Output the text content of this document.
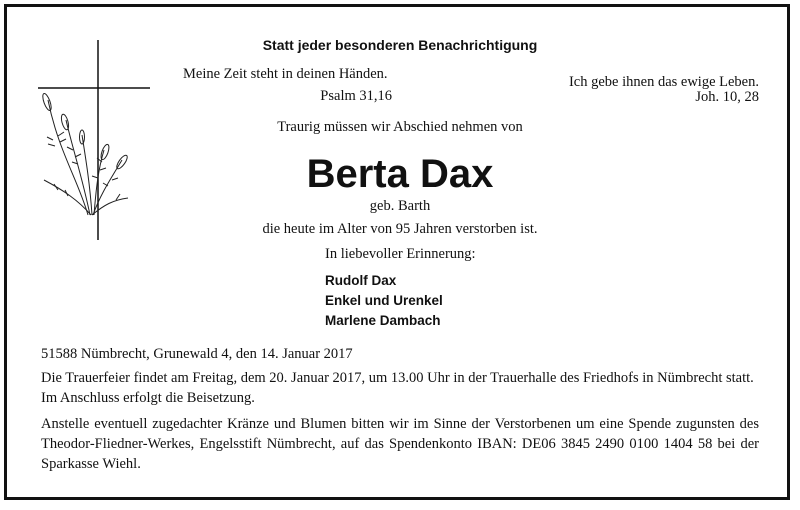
Statt jeder besonderen Benachrichtigung
Meine Zeit steht in deinen Händen.
Psalm 31,16
Ich gebe ihnen das ewige Leben.
Joh. 10, 28
Traurig müssen wir Abschied nehmen von
Berta Dax
geb. Barth
die heute im Alter von 95 Jahren verstorben ist.
In liebevoller Erinnerung:
Rudolf Dax
Enkel und Urenkel
Marlene Dambach
51588 Nümbrecht, Grunewald 4, den 14. Januar 2017
Die Trauerfeier findet am Freitag, dem 20. Januar 2017, um 13.00 Uhr in der Trauerhalle des Friedhofs in Nümbrecht statt. Im Anschluss erfolgt die Beisetzung.
Anstelle eventuell zugedachter Kränze und Blumen bitten wir im Sinne der Verstorbenen um eine Spende zugunsten des Theodor-Fliedner-Werkes, Engelsstift Nümbrecht, auf das Spendenkonto IBAN: DE06 3845 2490 0100 1404 58 bei der Sparkasse Wiehl.
